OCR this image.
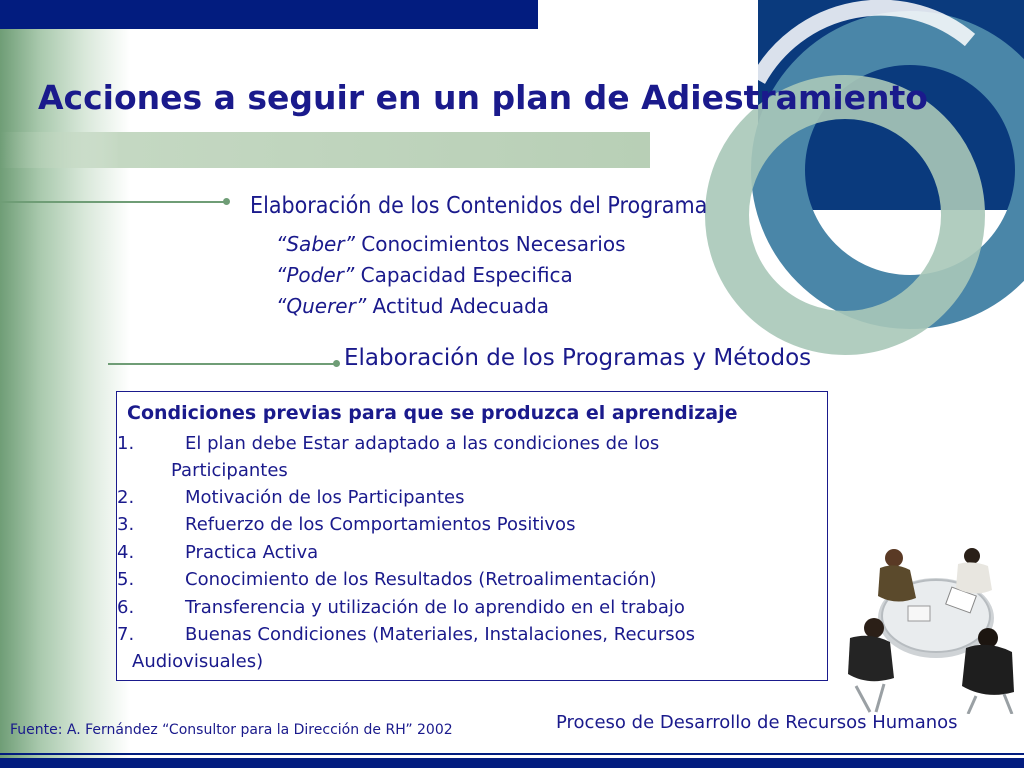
Acciones a seguir en un plan de Adiestramiento
Elaboración de los Contenidos del Programa
“Saber” Conocimientos Necesarios
“Poder” Capacidad Especifica
“Querer” Actitud Adecuada
Elaboración de los Programas y Métodos
Condiciones previas para que se produzca el aprendizaje
1.	El plan debe Estar adaptado a las condiciones de los
Participantes
2.	Motivación de los Participantes
3.	Refuerzo de los Comportamientos Positivos
4.	Practica Activa
5.	Conocimiento de los Resultados (Retroalimentación)
6.	Transferencia y utilización de lo aprendido en el trabajo
7.	Buenas Condiciones (Materiales, Instalaciones, Recursos
Audiovisuales)
Fuente: A. Fernández “Consultor para la Dirección de RH” 2002	Proceso de Desarrollo de Recursos Humanos
